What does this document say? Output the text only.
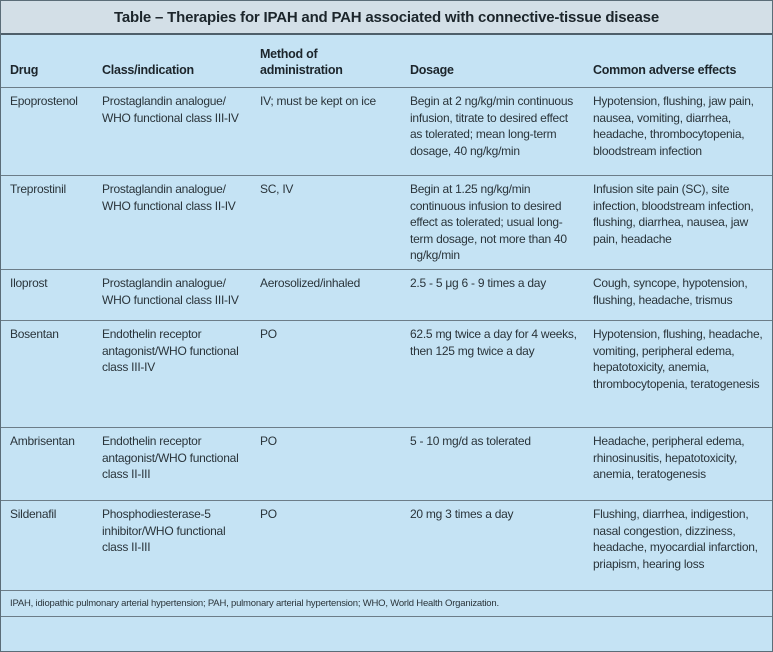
Table – Therapies for IPAH and PAH associated with connective-tissue disease
Drug	Class/indication	Method of administration	Dosage	Common adverse effects
Epoprostenol	Prostaglandin analogue/ WHO functional class III-IV	IV; must be kept on ice	Begin at 2 ng/kg/min continuous infusion, titrate to desired effect as tolerated; mean long-term dosage, 40 ng/kg/min	Hypotension, flushing, jaw pain, nausea, vomiting, diarrhea, headache, thrombocytopenia, bloodstream infection
Treprostinil	Prostaglandin analogue/ WHO functional class II-IV	SC, IV	Begin at 1.25 ng/kg/min continuous infusion to desired effect as tolerated; usual long-term dosage, not more than 40 ng/kg/min	Infusion site pain (SC), site infection, bloodstream infection, flushing, diarrhea, nausea, jaw pain, headache
Iloprost	Prostaglandin analogue/ WHO functional class III-IV	Aerosolized/inhaled	2.5 - 5 μg 6 - 9 times a day	Cough, syncope, hypotension, flushing, headache, trismus
Bosentan	Endothelin receptor antagonist/WHO functional class III-IV	PO	62.5 mg twice a day for 4 weeks, then 125 mg twice a day	Hypotension, flushing, headache, vomiting, peripheral edema, hepatotoxicity, anemia, thrombocytopenia, teratogenesis
Ambrisentan	Endothelin receptor antagonist/WHO functional class II-III	PO	5 - 10 mg/d as tolerated	Headache, peripheral edema, rhinosinusitis, hepatotoxicity, anemia, teratogenesis
Sildenafil	Phosphodiesterase-5 inhibitor/WHO functional class II-III	PO	20 mg 3 times a day	Flushing, diarrhea, indigestion, nasal congestion, dizziness, headache, myocardial infarction, priapism, hearing loss
IPAH, idiopathic pulmonary arterial hypertension; PAH, pulmonary arterial hypertension; WHO, World Health Organization.
